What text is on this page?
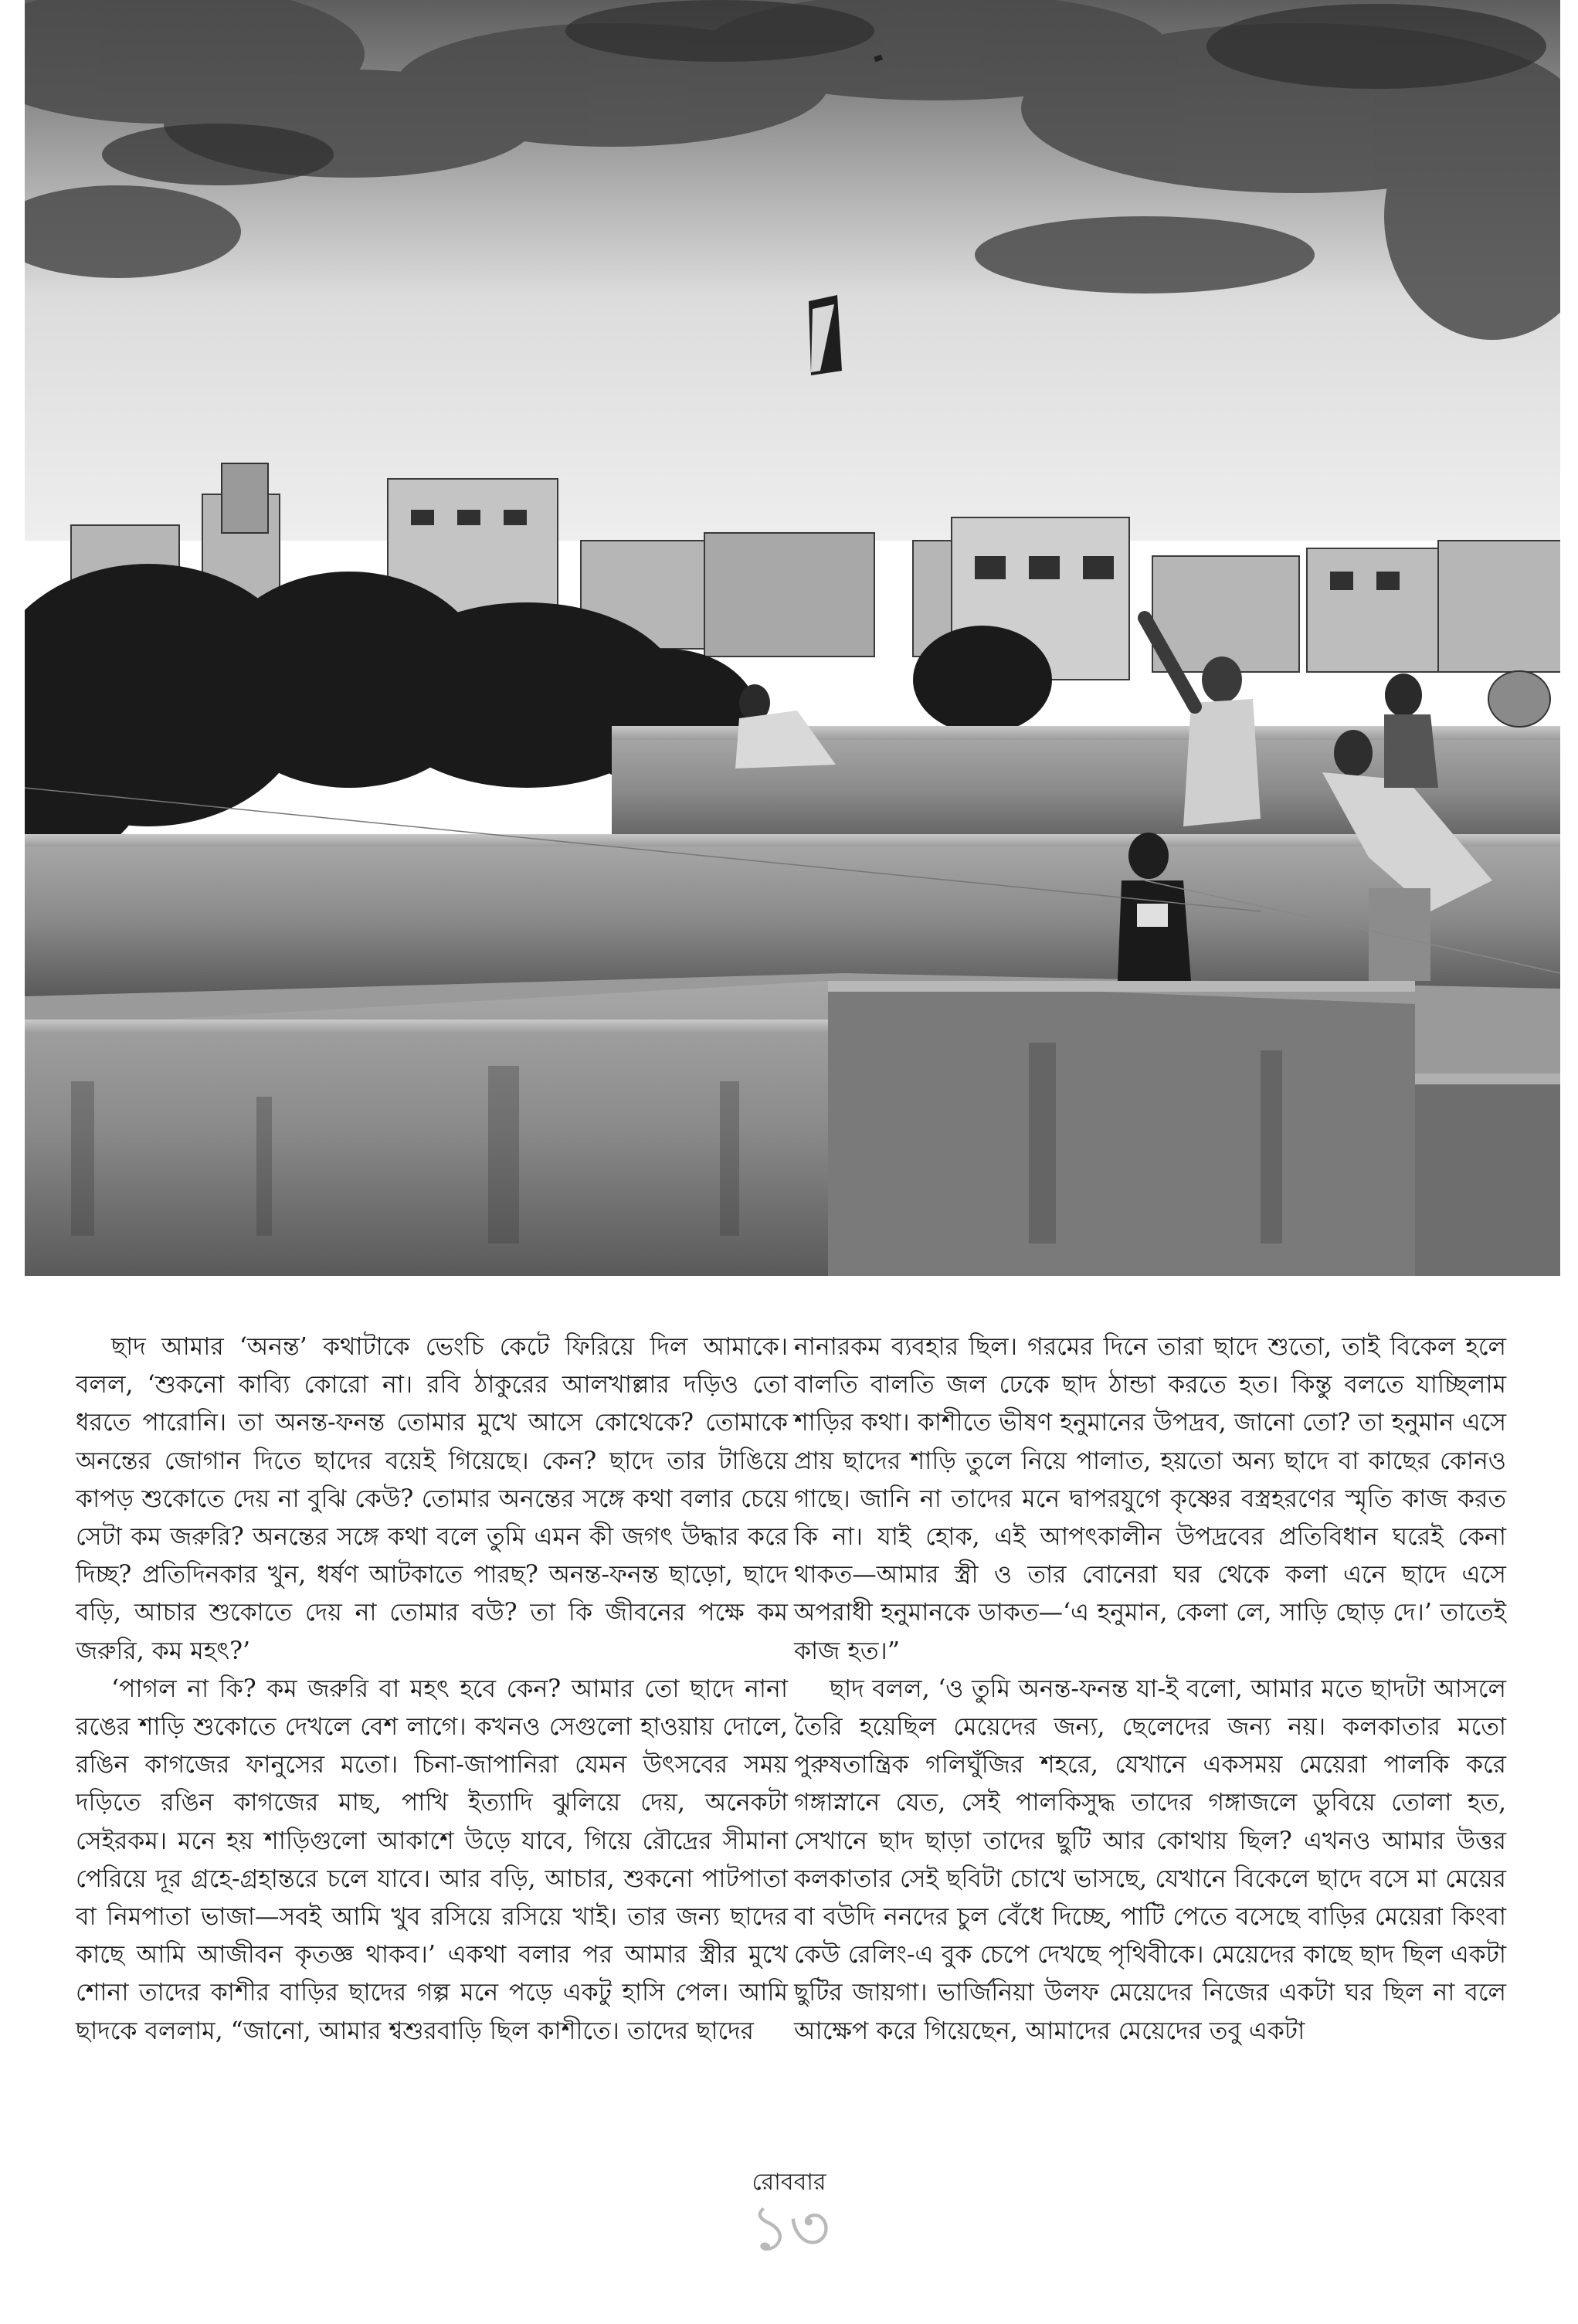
ছাদ আমার ‘অনন্ত’ কথাটাকে ভেংচি কেটে ফিরিয়ে দিল আমাকে। বলল, ‘শুকনো কাব্যি কোরো না। রবি ঠাকুরের আলখাল্লার দড়িও তো ধরতে পারোনি। তা অনন্ত-ফনন্ত তোমার মুখে আসে কোথেকে? তোমাকে অনন্তের জোগান দিতে ছাদের বয়েই গিয়েছে। কেন? ছাদে তার টাঙিয়ে কাপড় শুকোতে দেয় না বুঝি কেউ? তোমার অনন্তের সঙ্গে কথা বলার চেয়ে সেটা কম জরুরি? অনন্তের সঙ্গে কথা বলে তুমি এমন কী জগৎ উদ্ধার করে দিচ্ছ? প্রতিদিনকার খুন, ধর্ষণ আটকাতে পারছ? অনন্ত-ফনন্ত ছাড়ো, ছাদে বড়ি, আচার শুকোতে দেয় না তোমার বউ? তা কি জীবনের পক্ষে কম জরুরি, কম মহৎ?’

‘পাগল না কি? কম জরুরি বা মহৎ হবে কেন? আমার তো ছাদে নানা রঙের শাড়ি শুকোতে দেখলে বেশ লাগে। কখনও সেগুলো হাওয়ায় দোলে, রঙিন কাগজের ফানুসের মতো। চিনা-জাপানিরা যেমন উৎসবের সময় দড়িতে রঙিন কাগজের মাছ, পাখি ইত্যাদি ঝুলিয়ে দেয়, অনেকটা সেইরকম। মনে হয় শাড়িগুলো আকাশে উড়ে যাবে, গিয়ে রৌদ্রের সীমানা পেরিয়ে দূর গ্রহে-গ্রহান্তরে চলে যাবে। আর বড়ি, আচার, শুকনো পাটপাতা বা নিমপাতা ভাজা—সবই আমি খুব রসিয়ে রসিয়ে খাই। তার জন্য ছাদের কাছে আমি আজীবন কৃতজ্ঞ থাকব।’ একথা বলার পর আমার স্ত্রীর মুখে শোনা তাদের কাশীর বাড়ির ছাদের গল্প মনে পড়ে একটু হাসি পেল। আমি ছাদকে বললাম, “জানো, আমার শ্বশুরবাড়ি ছিল কাশীতে। তাদের ছাদের

নানারকম ব্যবহার ছিল। গরমের দিনে তারা ছাদে শুতো, তাই বিকেল হলে বালতি বালতি জল ঢেকে ছাদ ঠান্ডা করতে হত। কিন্তু বলতে যাচ্ছিলাম শাড়ির কথা। কাশীতে ভীষণ হনুমানের উপদ্রব, জানো তো? তা হনুমান এসে প্রায় ছাদের শাড়ি তুলে নিয়ে পালাত, হয়তো অন্য ছাদে বা কাছের কোনও গাছে। জানি না তাদের মনে দ্বাপরযুগে কৃষ্ণের বস্ত্রহরণের স্মৃতি কাজ করত কি না। যাই হোক, এই আপৎকালীন উপদ্রবের প্রতিবিধান ঘরেই কেনা থাকত—আমার স্ত্রী ও তার বোনেরা ঘর থেকে কলা এনে ছাদে এসে অপরাধী হনুমানকে ডাকত—‘এ হনুমান, কেলা লে, সাড়ি ছোড় দে।’ তাতেই কাজ হত।”

ছাদ বলল, ‘ও তুমি অনন্ত-ফনন্ত যা-ই বলো, আমার মতে ছাদটা আসলে তৈরি হয়েছিল মেয়েদের জন্য, ছেলেদের জন্য নয়। কলকাতার মতো পুরুষতান্ত্রিক গলিঘুঁজির শহরে, যেখানে একসময় মেয়েরা পালকি করে গঙ্গাস্নানে যেত, সেই পালকিসুদ্ধ তাদের গঙ্গাজলে ডুবিয়ে তোলা হত, সেখানে ছাদ ছাড়া তাদের ছুটি আর কোথায় ছিল? এখনও আমার উত্তর কলকাতার সেই ছবিটা চোখে ভাসছে, যেখানে বিকেলে ছাদে বসে মা মেয়ের বা বউদি ননদের চুল বেঁধে দিচ্ছে, পাটি পেতে বসেছে বাড়ির মেয়েরা কিংবা কেউ রেলিং-এ বুক চেপে দেখছে পৃথিবীকে। মেয়েদের কাছে ছাদ ছিল একটা ছুটির জায়গা। ভার্জিনিয়া উলফ মেয়েদের নিজের একটা ঘর ছিল না বলে আক্ষেপ করে গিয়েছেন, আমাদের মেয়েদের তবু একটা

রোববার
১৩
